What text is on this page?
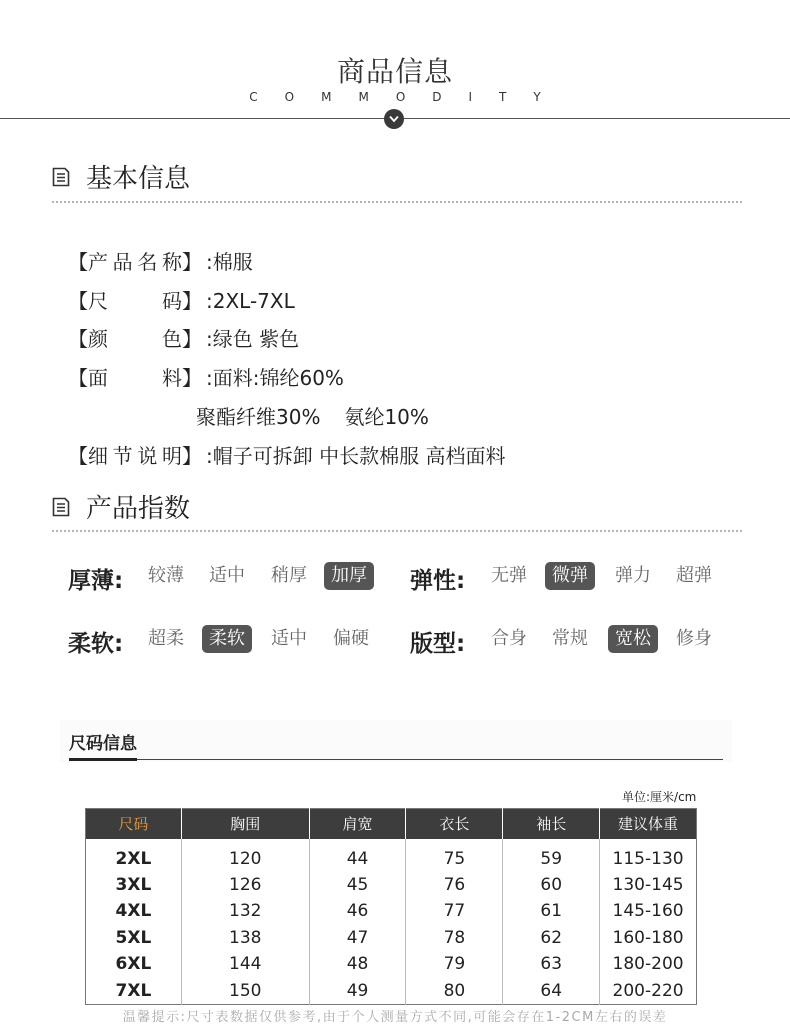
商品信息
COMMODITY
基本信息
【产品名称】 :棉服
【尺码】 :2XL-7XL
【颜色】 :绿色 紫色
【面料】 :面料:锦纶60%
聚酯纤维30% 氨纶10%
【细节说明】 :帽子可拆卸 中长款棉服 高档面料
产品指数
厚薄:	较薄	适中	稍厚	加厚	弹性:	无弹	微弹	弹力	超弹
柔软:	超柔	柔软	适中	偏硬	版型:	合身	常规	宽松	修身
尺码信息
单位:厘米/cm
尺码	胸围	肩宽	衣长	袖长	建议体重
2XL	120	44	75	59	115-130
3XL	126	45	76	60	130-145
4XL	132	46	77	61	145-160
5XL	138	47	78	62	160-180
6XL	144	48	79	63	180-200
7XL	150	49	80	64	200-220
温馨提示:尺寸表数据仅供参考,由于个人测量方式不同,可能会存在1-2CM左右的误差
